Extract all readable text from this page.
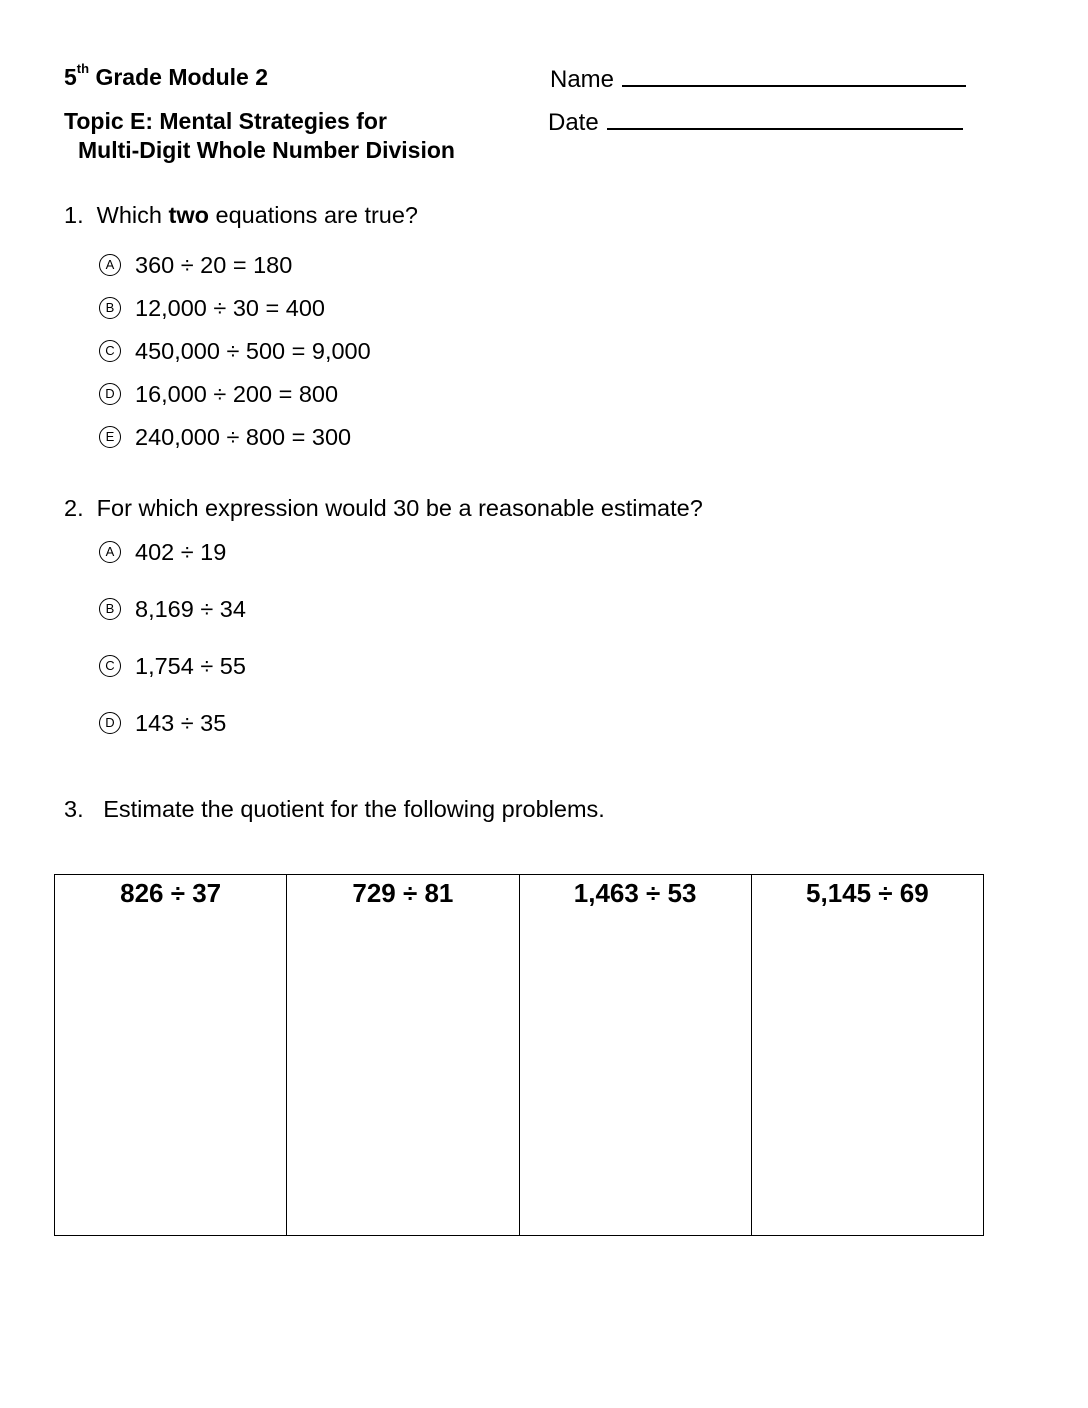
5th Grade Module 2
Topic E: Mental Strategies for
Multi-Digit Whole Number Division
Name
Date
1. Which two equations are true?
A 360 ÷ 20 = 180
B 12,000 ÷ 30 = 400
C 450,000 ÷ 500 = 9,000
D 16,000 ÷ 200 = 800
E 240,000 ÷ 800 = 300
2. For which expression would 30 be a reasonable estimate?
A 402 ÷ 19
B 8,169 ÷ 34
C 1,754 ÷ 55
D 143 ÷ 35
3. Estimate the quotient for the following problems.
826 ÷ 37	729 ÷ 81	1,463 ÷ 53	5,145 ÷ 69
